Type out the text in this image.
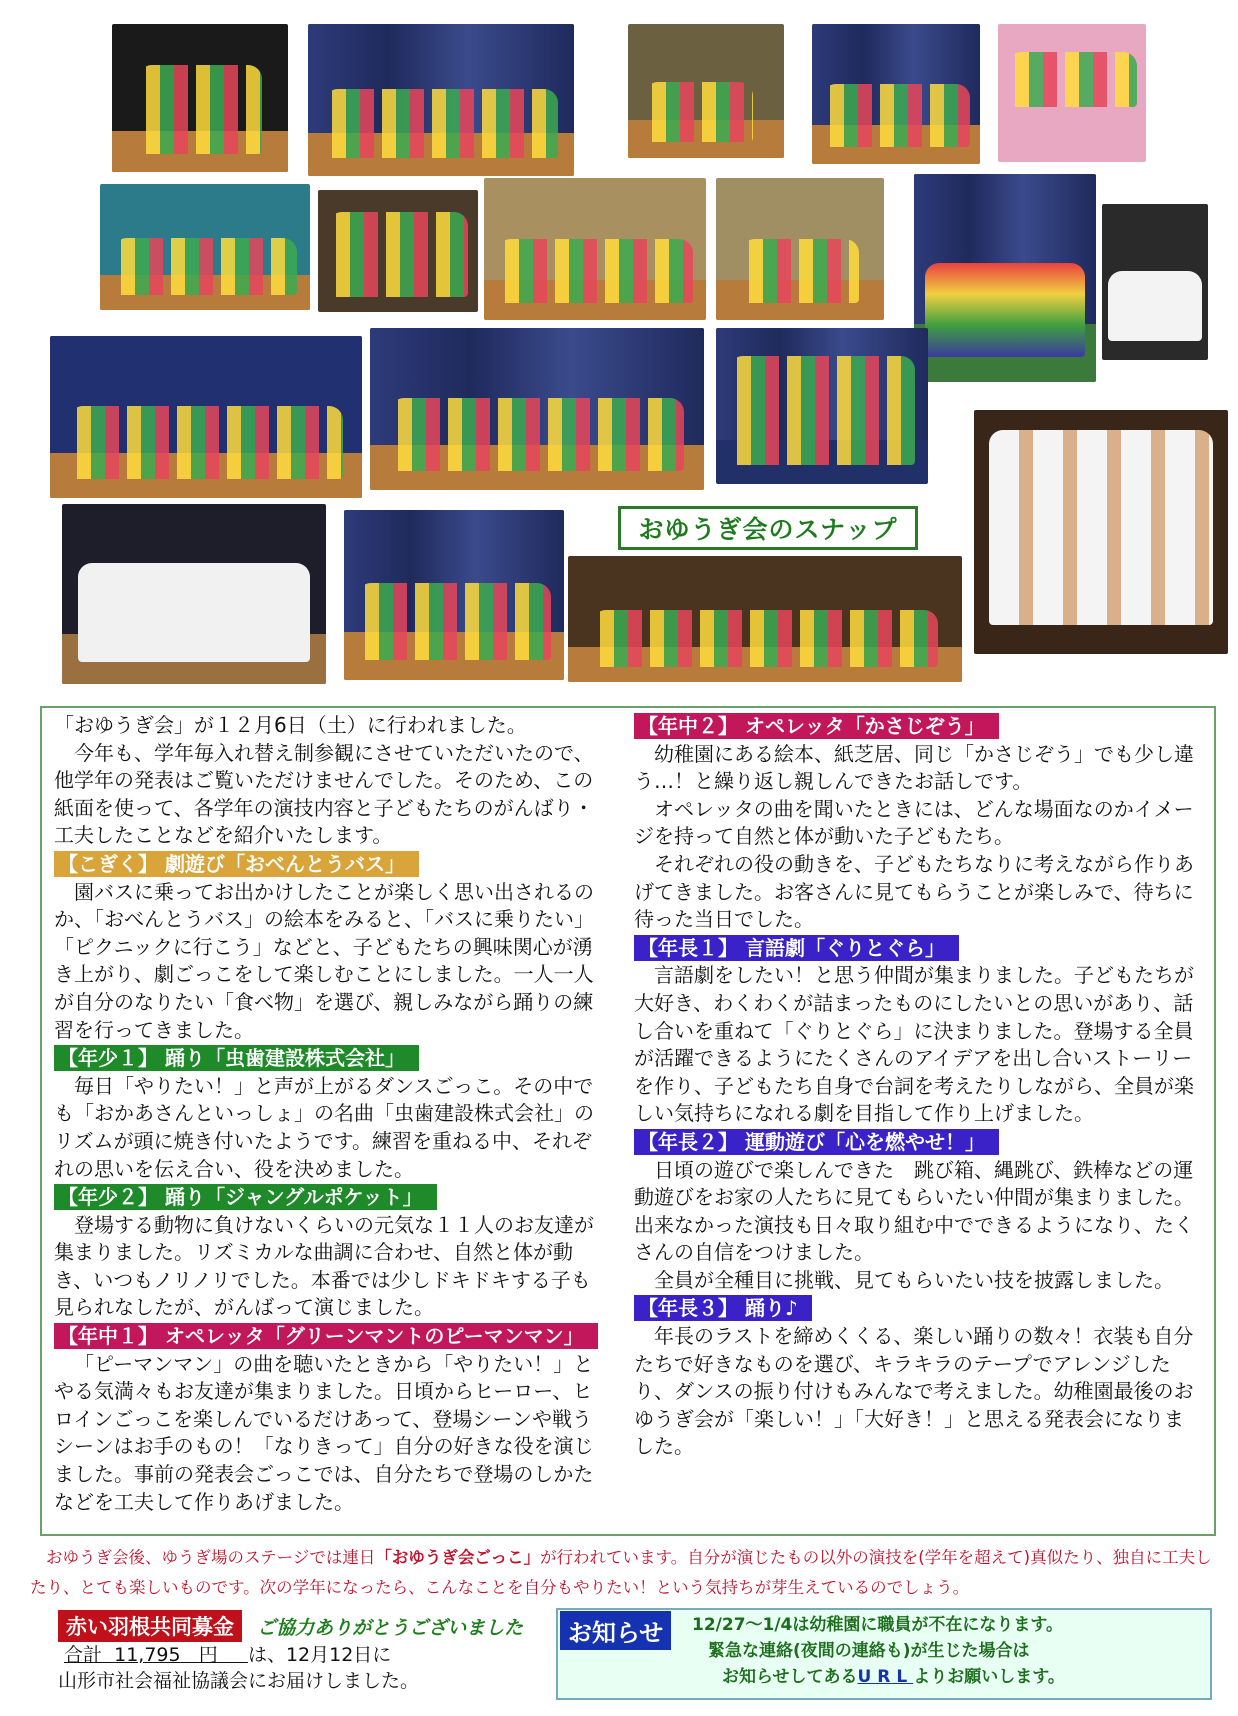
おゆうぎ会のスナップ

「おゆうぎ会」が１２月6日（土）に行われました。

今年も、学年毎入れ替え制参観にさせていただいたので、他学年の発表はご覧いただけませんでした。そのため、この紙面を使って、各学年の演技内容と子どもたちのがんばり・工夫したことなどを紹介いたします。

【こぎく】 劇遊び「おべんとうバス」

園バスに乗ってお出かけしたことが楽しく思い出されるのか、「おべんとうバス」の絵本をみると、「バスに乗りたい」「ピクニックに行こう」などと、子どもたちの興味関心が湧き上がり、劇ごっこをして楽しむことにしました。一人一人が自分のなりたい「食べ物」を選び、親しみながら踊りの練習を行ってきました。

【年少１】 踊り「虫歯建設株式会社」

毎日「やりたい！」と声が上がるダンスごっこ。その中でも「おかあさんといっしょ」の名曲「虫歯建設株式会社」のリズムが頭に焼き付いたようです。練習を重ねる中、それぞれの思いを伝え合い、役を決めました。

【年少２】 踊り「ジャングルポケット」

登場する動物に負けないくらいの元気な１１人のお友達が集まりました。リズミカルな曲調に合わせ、自然と体が動き、いつもノリノリでした。本番では少しドキドキする子も見られなしたが、がんばって演じました。

【年中１】 オペレッタ「グリーンマントのピーマンマン」

「ピーマンマン」の曲を聴いたときから「やりたい！」とやる気満々もお友達が集まりました。日頃からヒーロー、ヒロインごっこを楽しんでいるだけあって、登場シーンや戦うシーンはお手のもの！「なりきって」自分の好きな役を演じました。事前の発表会ごっこでは、自分たちで登場のしかたなどを工夫して作りあげました。

【年中２】 オペレッタ「かさじぞう」

幼稚園にある絵本、紙芝居、同じ「かさじぞう」でも少し違う…！と繰り返し親しんできたお話しです。

オペレッタの曲を聞いたときには、どんな場面なのかイメージを持って自然と体が動いた子どもたち。

それぞれの役の動きを、子どもたちなりに考えながら作りあげてきました。お客さんに見てもらうことが楽しみで、待ちに待った当日でした。

【年長１】 言語劇「ぐりとぐら」

言語劇をしたい！と思う仲間が集まりました。子どもたちが大好き、わくわくが詰まったものにしたいとの思いがあり、話し合いを重ねて「ぐりとぐら」に決まりました。登場する全員が活躍できるようにたくさんのアイデアを出し合いストーリーを作り、子どもたち自身で台詞を考えたりしながら、全員が楽しい気持ちになれる劇を目指して作り上げました。

【年長２】 運動遊び「心を燃やせ！」

日頃の遊びで楽しんできた　跳び箱、縄跳び、鉄棒などの運動遊びをお家の人たちに見てもらいたい仲間が集まりました。出来なかった演技も日々取り組む中でできるようになり、たくさんの自信をつけました。

全員が全種目に挑戦、見てもらいたい技を披露しました。

【年長３】 踊り♪

年長のラストを締めくくる、楽しい踊りの数々！衣装も自分たちで好きなものを選び、キラキラのテープでアレンジしたり、ダンスの振り付けもみんなで考えました。幼稚園最後のおゆうぎ会が「楽しい！」「大好き！」と思える発表会になりました。

おゆうぎ会後、ゆうぎ場のステージでは連日「おゆうぎ会ごっこ」が行われています。自分が演じたもの以外の演技を(学年を超えて)真似たり、独自に工夫したり、とても楽しいものです。次の学年になったら、こんなことを自分もやりたい！という気持ちが芽生えているのでしょう。
赤い羽根共同募金 ご協力ありがとうございました
合計 11,795 円 は、12月12日に
山形市社会福祉協議会にお届けしました。
お知らせ	12/27～1/4は幼稚園に職員が不在になります。
緊急な連絡(夜間の連絡も)が生じた場合は
お知らせしてあるURLよりお願いします。
